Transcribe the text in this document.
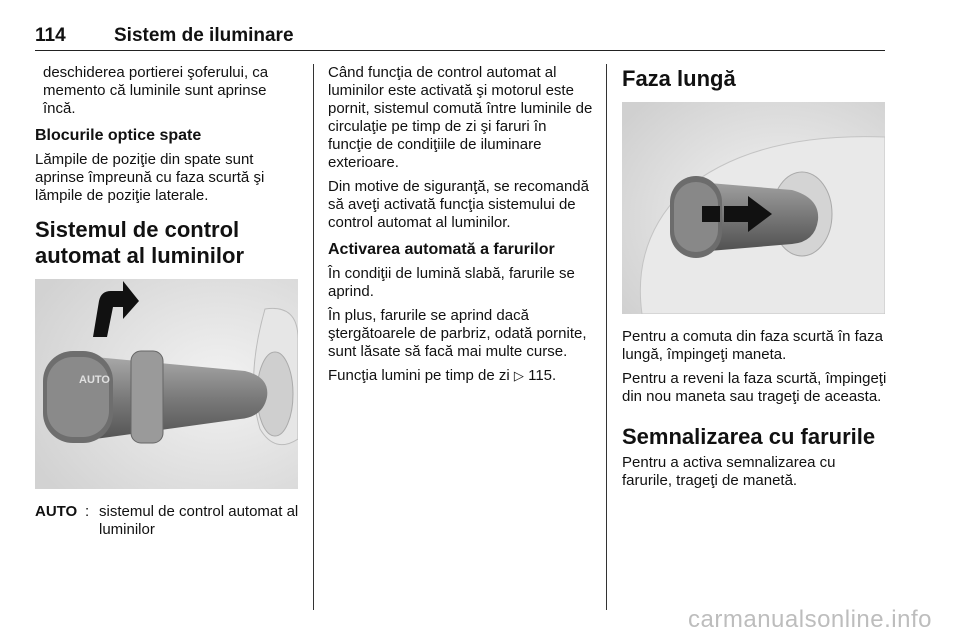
114	Sistem de iluminare

deschiderea portierei şoferului, ca memento că luminile sunt aprinse încă.

Blocurile optice spate

Lămpile de poziţie din spate sunt aprinse împreună cu faza scurtă şi lămpile de poziţie laterale.

Sistemul de control automat al luminilor
AUTO
AUTO : sistemul de control automat al luminilor

Când funcţia de control automat al luminilor este activată şi motorul este pornit, sistemul comută între luminile de circulaţie pe timp de zi şi faruri în funcţie de condiţiile de iluminare exterioare.

Din motive de siguranţă, se recomandă să aveţi activată funcţia sistemului de control automat al luminilor.

Activarea automată a farurilor

În condiţii de lumină slabă, farurile se aprind.

În plus, farurile se aprind dacă ştergătoarele de parbriz, odată pornite, sunt lăsate să facă mai multe curse.

Funcţia lumini pe timp de zi ▷ 115.

Faza lungă

Pentru a comuta din faza scurtă în faza lungă, împingeţi maneta.

Pentru a reveni la faza scurtă, împingeţi din nou maneta sau trageţi de aceasta.

Semnalizarea cu farurile

Pentru a activa semnalizarea cu farurile, trageţi de manetă.

carmanualsonline.info
